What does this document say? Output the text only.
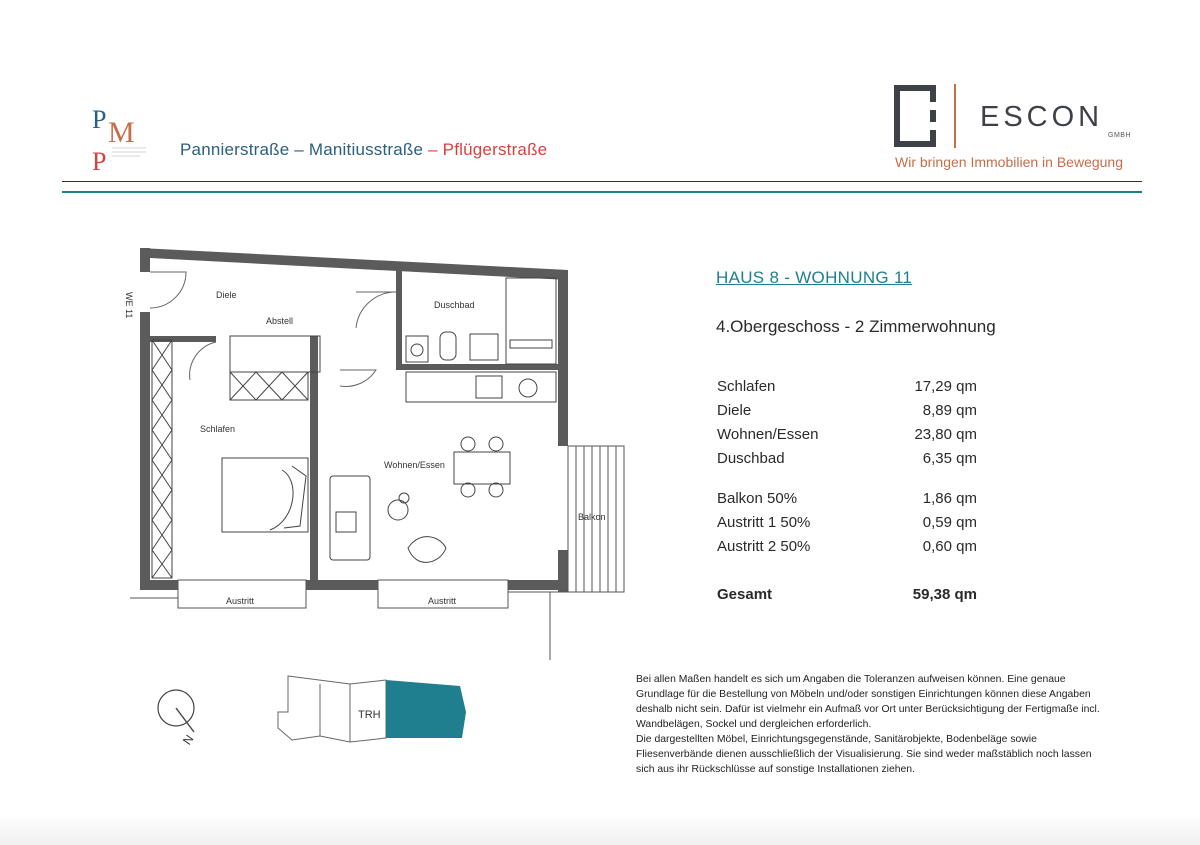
P M
P	Pannierstraße – Manitiusstraße – Pflügerstraße
ESCON
GMBH
Wir bringen Immobilien in Bewegung
WE 11	Diele
Abstell
Duschbad
Schlafen
Wohnen/Essen
Balkon
Austritt	Austritt
HAUS 8 - WOHNUNG 11
4.Obergeschoss - 2 Zimmerwohnung
Schlafen	17,29 qm
Diele	8,89 qm
Wohnen/Essen	23,80 qm
Duschbad	6,35 qm
Balkon 50%	1,86 qm
Austritt 1 50%	0,59 qm
Austritt 2 50%	0,60 qm
Gesamt	59,38 qm
N
TRH

Bei allen Maßen handelt es sich um Angaben die Toleranzen aufweisen können. Eine genaue Grundlage für die Bestellung von Möbeln und/oder sonstigen Einrichtungen können diese Angaben deshalb nicht sein. Dafür ist vielmehr ein Aufmaß vor Ort unter Berücksichtigung der Fertigmaße incl. Wandbelägen, Sockel und dergleichen erforderlich.

Die dargestellten Möbel, Einrichtungsgegenstände, Sanitärobjekte, Bodenbeläge sowie Fliesenverbände dienen ausschließlich der Visualisierung. Sie sind weder maßstäblich noch lassen sich aus ihr Rückschlüsse auf sonstige Installationen ziehen.
